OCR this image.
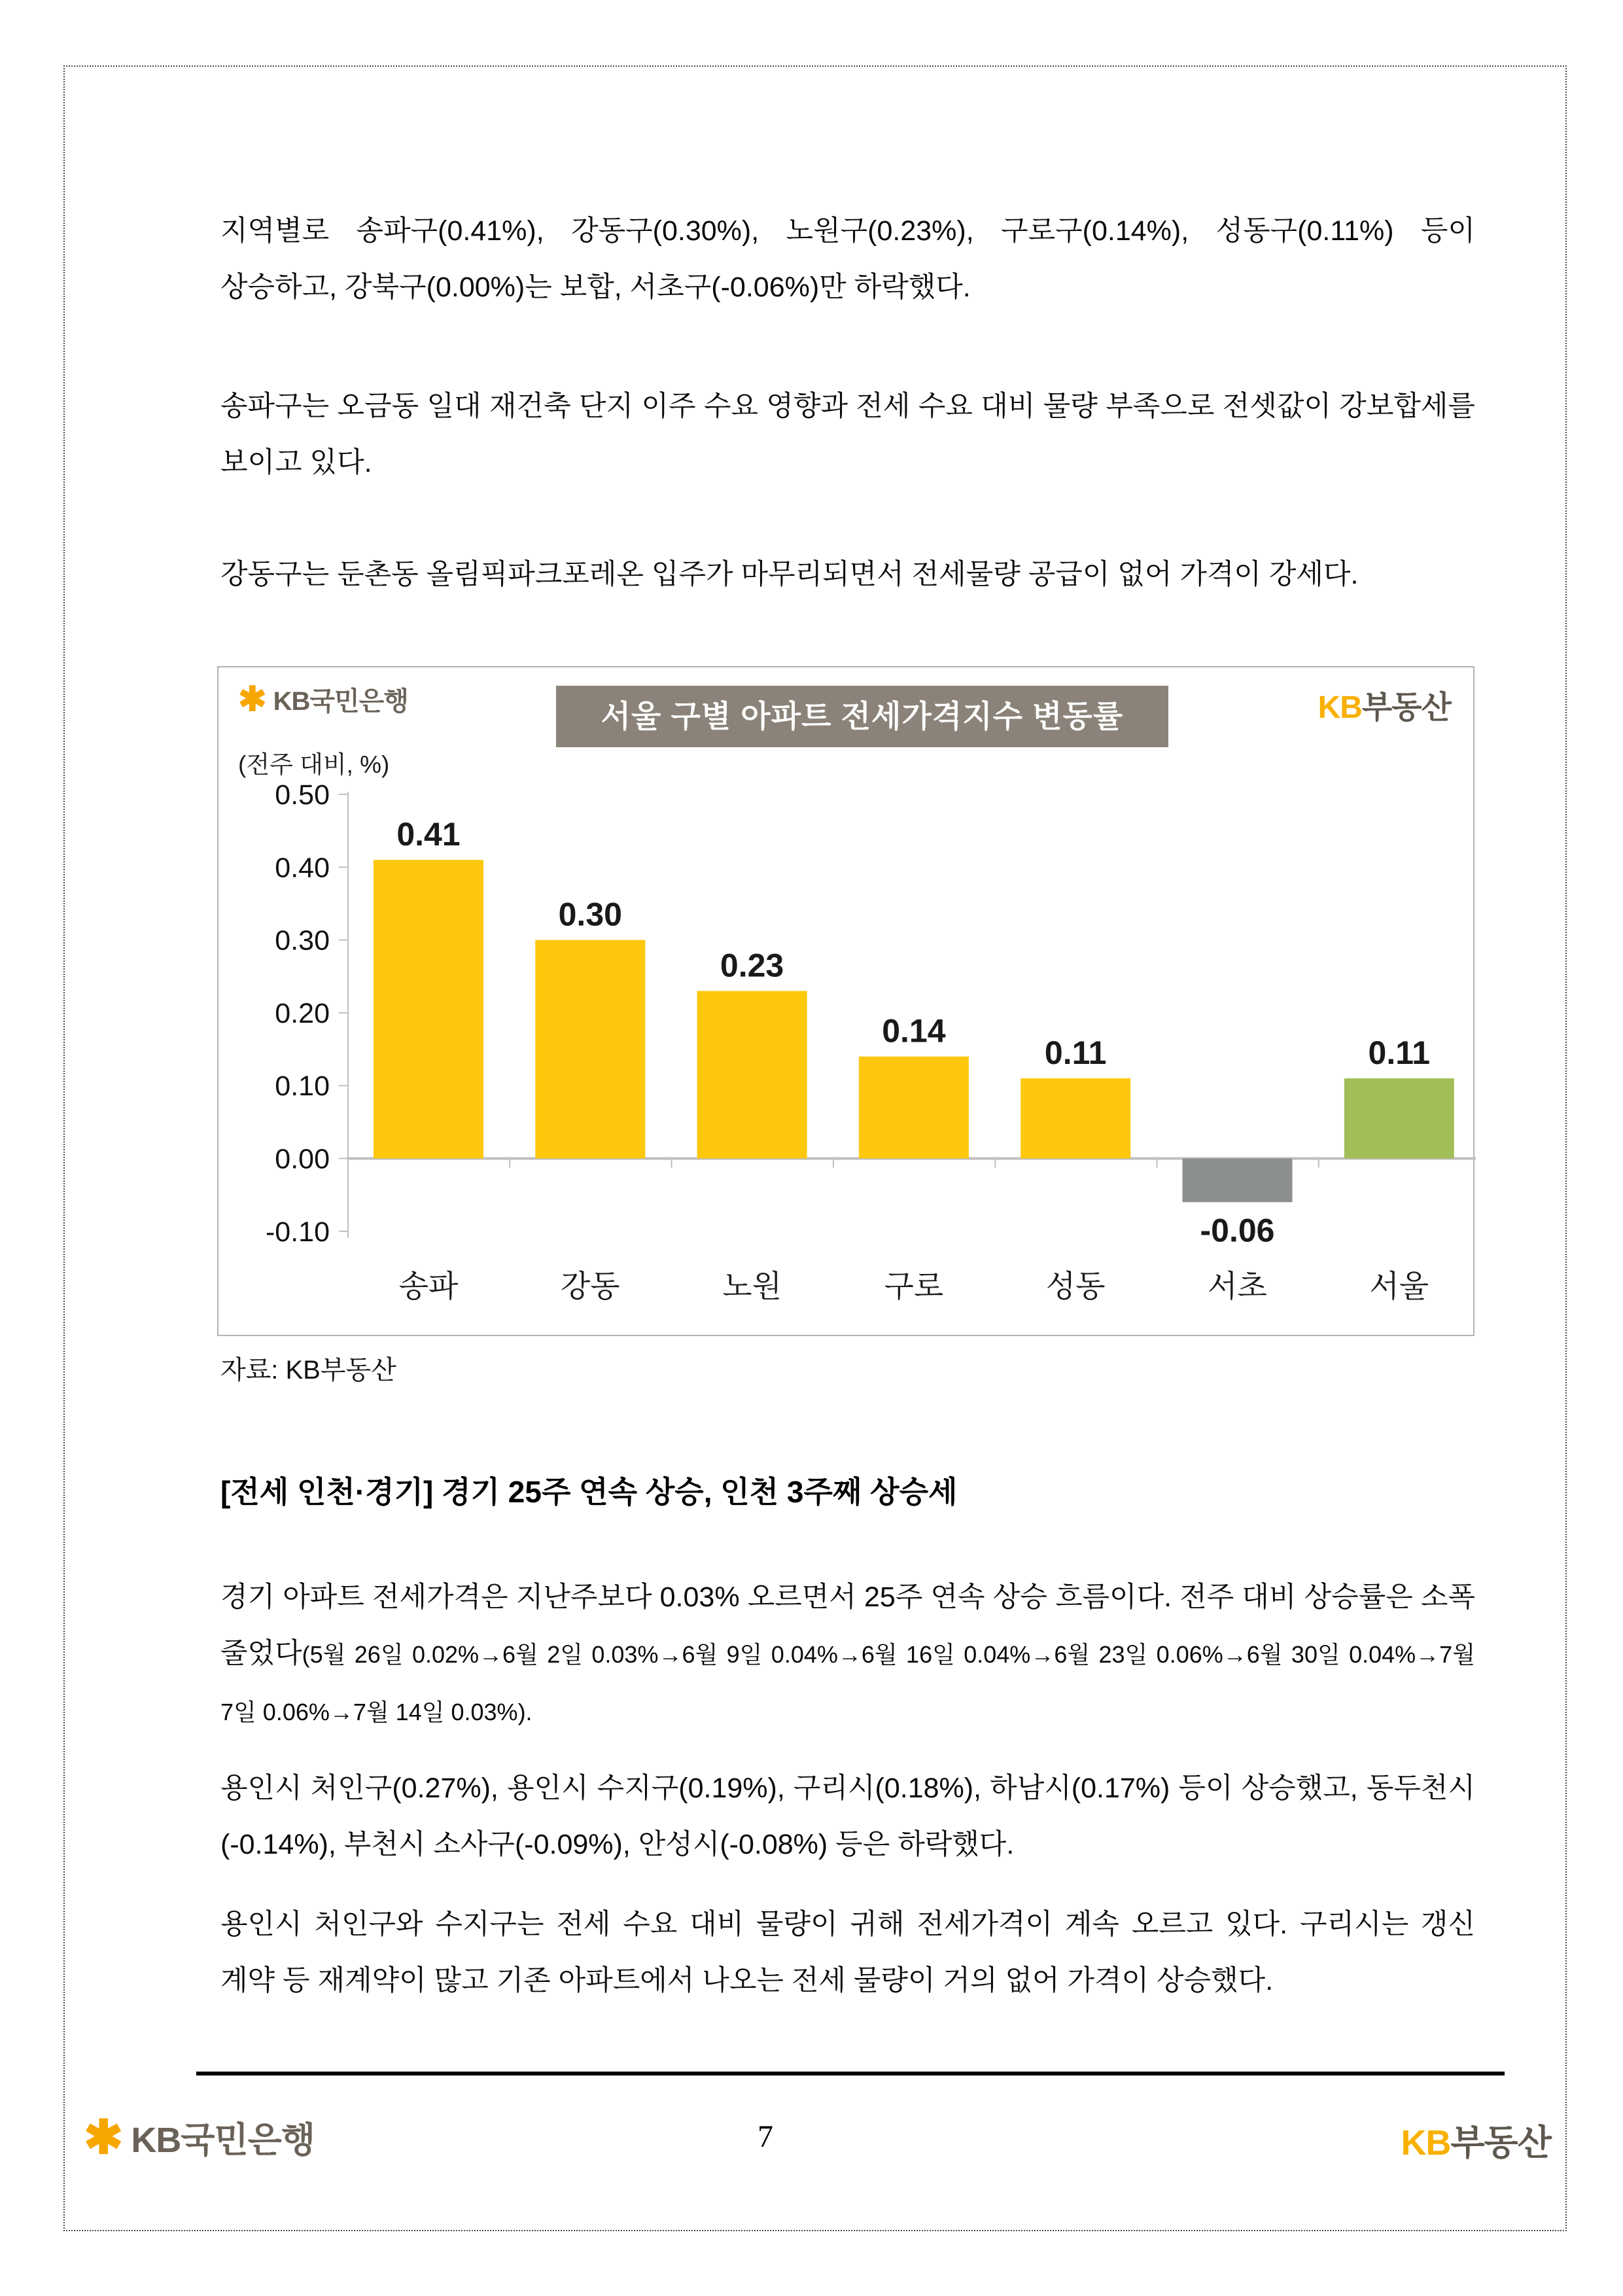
지역별로 송파구(0.41%), 강동구(0.30%), 노원구(0.23%), 구로구(0.14%), 성동구(0.11%) 등이 상승하고, 강북구(0.00%)는 보합, 서초구(-0.06%)만 하락했다.
송파구는 오금동 일대 재건축 단지 이주 수요 영향과 전세 수요 대비 물량 부족으로 전셋값이 강보합세를 보이고 있다.
강동구는 둔촌동 올림픽파크포레온 입주가 마무리되면서 전세물량 공급이 없어 가격이 강세다.
0.50
0.40
0.30
0.20
0.10
0.00
-0.10
0.41
송파
0.30
강동
0.23
노원
0.14
구로
0.11
성동
-0.06
서초
0.11
서울
✱ KB국민은행	서울 구별 아파트 전세가격지수 변동률	KB부동산
(전주 대비, %)
자료: KB부동산
[전세 인천·경기] 경기 25주 연속 상승, 인천 3주째 상승세
경기 아파트 전세가격은 지난주보다 0.03% 오르면서 25주 연속 상승 흐름이다. 전주 대비 상승률은 소폭 줄었다(5월 26일 0.02%→6월 2일 0.03%→6월 9일 0.04%→6월 16일 0.04%→6월 23일 0.06%→6월 30일 0.04%→7월 7일 0.06%→7월 14일 0.03%).
용인시 처인구(0.27%), 용인시 수지구(0.19%), 구리시(0.18%), 하남시(0.17%) 등이 상승했고, 동두천시(-0.14%), 부천시 소사구(-0.09%), 안성시(-0.08%) 등은 하락했다.
용인시 처인구와 수지구는 전세 수요 대비 물량이 귀해 전세가격이 계속 오르고 있다. 구리시는 갱신 계약 등 재계약이 많고 기존 아파트에서 나오는 전세 물량이 거의 없어 가격이 상승했다.
✱ KB국민은행	7	KB부동산
